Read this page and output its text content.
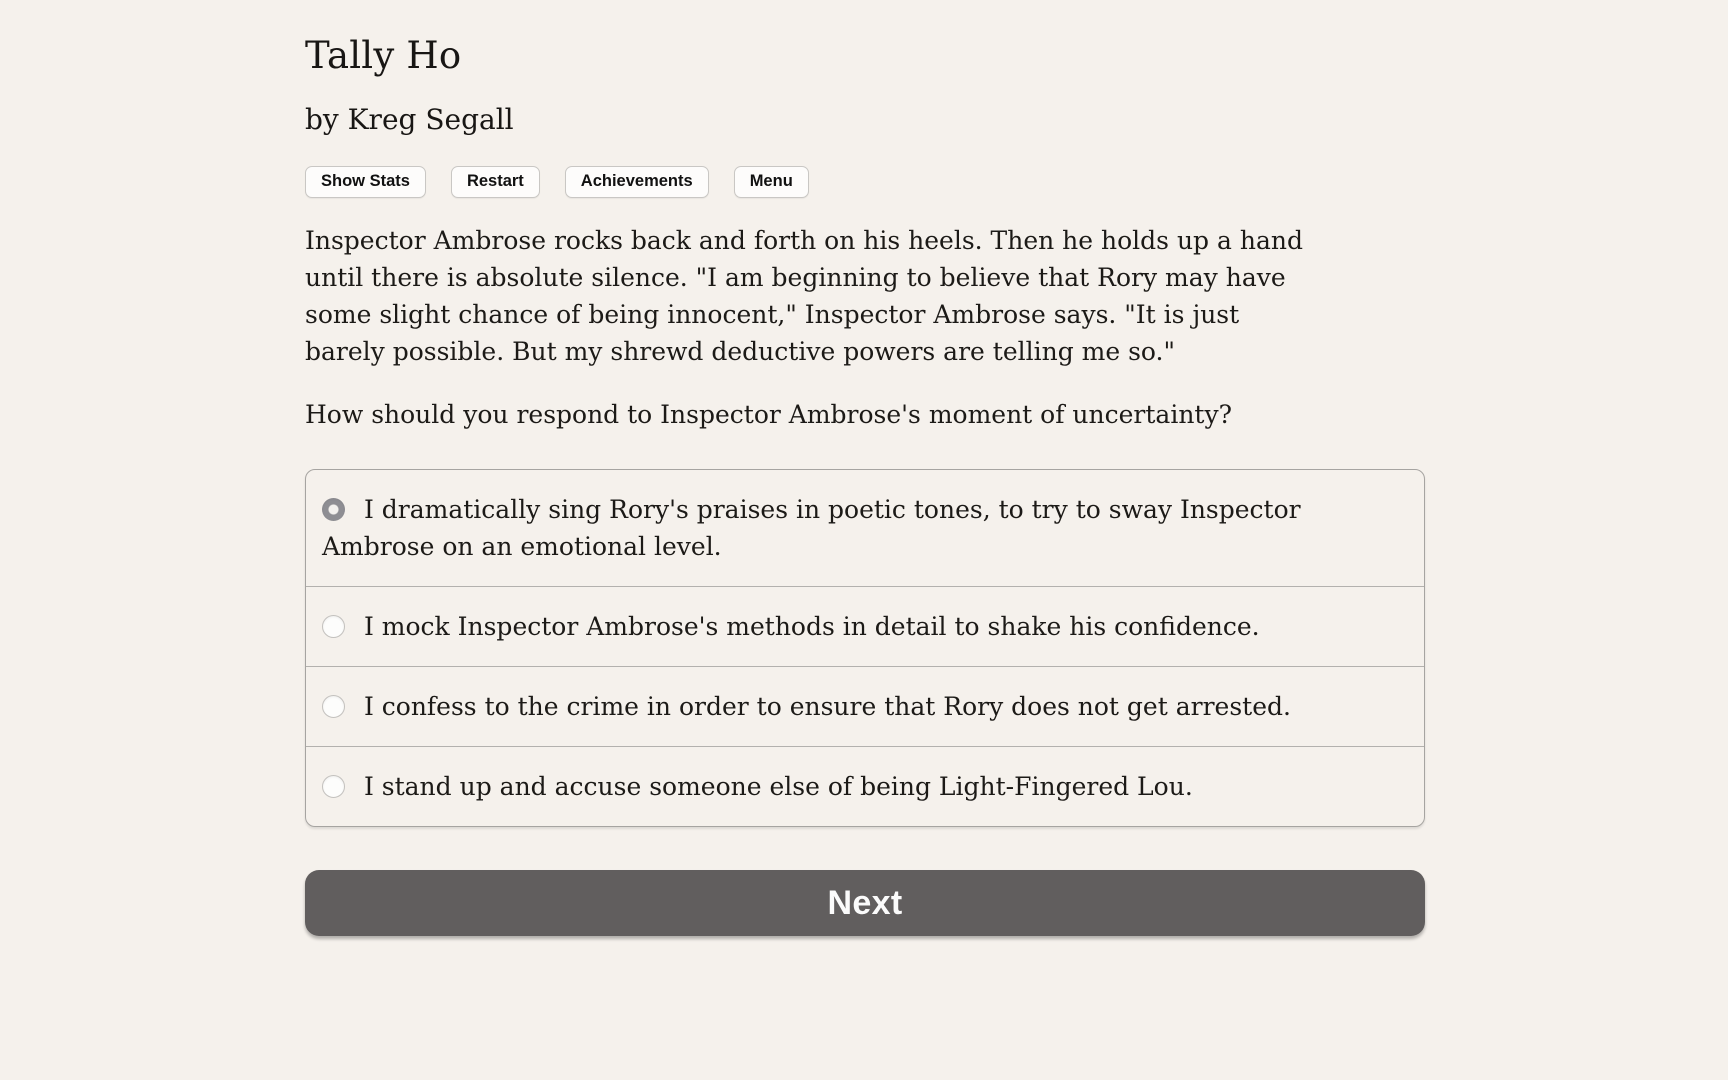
Tally Ho
by Kreg Segall
Show Stats	Restart	Achievements	Menu

Inspector Ambrose rocks back and forth on his heels. Then he holds up a hand until there is absolute silence. "I am beginning to believe that Rory may have some slight chance of being innocent," Inspector Ambrose says. "It is just barely possible. But my shrewd deductive powers are telling me so."

How should you respond to Inspector Ambrose's moment of uncertainty?

I dramatically sing Rory's praises in poetic tones, to try to sway Inspector Ambrose on an emotional level.
I mock Inspector Ambrose's methods in detail to shake his confidence.
I confess to the crime in order to ensure that Rory does not get arrested.
I stand up and accuse someone else of being Light-Fingered Lou.
Next
